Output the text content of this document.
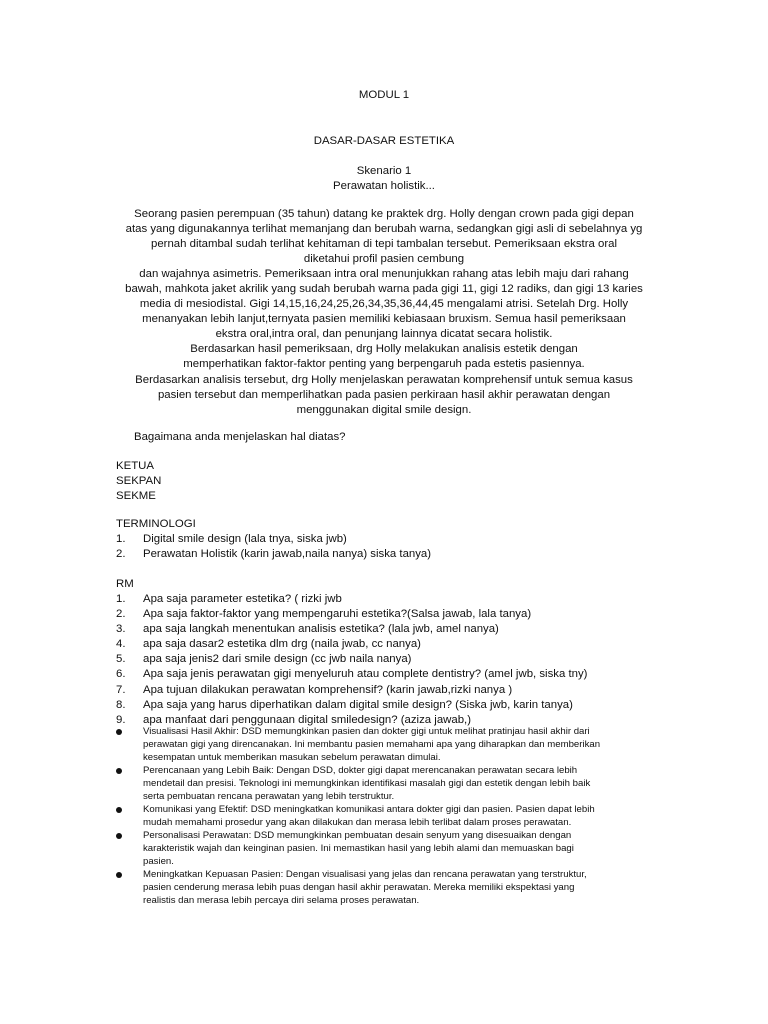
MODUL 1
DASAR-DASAR ESTETIKA
Skenario 1
Perawatan holistik...
Seorang pasien perempuan (35 tahun) datang ke praktek drg. Holly dengan crown pada gigi depan
atas yang digunakannya terlihat memanjang dan berubah warna, sedangkan gigi asli di sebelahnya yg
pernah ditambal sudah terlihat kehitaman di tepi tambalan tersebut. Pemeriksaan ekstra oral
diketahui profil pasien cembung
dan wajahnya asimetris. Pemeriksaan intra oral menunjukkan rahang atas lebih maju dari rahang
bawah, mahkota jaket akrilik yang sudah berubah warna pada gigi 11, gigi 12 radiks, dan gigi 13 karies
media di mesiodistal. Gigi 14,15,16,24,25,26,34,35,36,44,45 mengalami atrisi. Setelah Drg. Holly
menanyakan lebih lanjut,ternyata pasien memiliki kebiasaan bruxism. Semua hasil pemeriksaan
ekstra oral,intra oral, dan penunjang lainnya dicatat secara holistik.
Berdasarkan hasil pemeriksaan, drg Holly melakukan analisis estetik dengan
memperhatikan faktor-faktor penting yang berpengaruh pada estetis pasiennya.
Berdasarkan analisis tersebut, drg Holly menjelaskan perawatan komprehensif untuk semua kasus
pasien tersebut dan memperlihatkan pada pasien perkiraan hasil akhir perawatan dengan
menggunakan digital smile design.
Bagaimana anda menjelaskan hal diatas?
KETUA
SEKPAN
SEKME
TERMINOLOGI
1.	Digital smile design (lala tnya, siska jwb)
2.	Perawatan Holistik (karin jawab,naila nanya) siska tanya)
RM
1.	Apa saja parameter estetika? ( rizki jwb
2.	Apa saja faktor-faktor yang mempengaruhi estetika?(Salsa jawab, lala tanya)
3.	apa saja langkah menentukan analisis estetika? (lala jwb, amel nanya)
4.	apa saja dasar2 estetika dlm drg (naila jwab, cc nanya)
5.	apa saja jenis2 dari smile design (cc jwb naila nanya)
6.	Apa saja jenis perawatan gigi menyeluruh atau complete dentistry? (amel jwb, siska tny)
7.	Apa tujuan dilakukan perawatan komprehensif? (karin jawab,rizki nanya )
8.	Apa saja yang harus diperhatikan dalam digital smile design? (Siska jwb, karin tanya)
9.	apa manfaat dari penggunaan digital smiledesign? (aziza jawab,)
Visualisasi Hasil Akhir: DSD memungkinkan pasien dan dokter gigi untuk melihat pratinjau hasil akhir dari
perawatan gigi yang direncanakan. Ini membantu pasien memahami apa yang diharapkan dan memberikan
kesempatan untuk memberikan masukan sebelum perawatan dimulai.
Perencanaan yang Lebih Baik: Dengan DSD, dokter gigi dapat merencanakan perawatan secara lebih
mendetail dan presisi. Teknologi ini memungkinkan identifikasi masalah gigi dan estetik dengan lebih baik
serta pembuatan rencana perawatan yang lebih terstruktur.
Komunikasi yang Efektif: DSD meningkatkan komunikasi antara dokter gigi dan pasien. Pasien dapat lebih
mudah memahami prosedur yang akan dilakukan dan merasa lebih terlibat dalam proses perawatan.
Personalisasi Perawatan: DSD memungkinkan pembuatan desain senyum yang disesuaikan dengan
karakteristik wajah dan keinginan pasien. Ini memastikan hasil yang lebih alami dan memuaskan bagi
pasien.
Meningkatkan Kepuasan Pasien: Dengan visualisasi yang jelas dan rencana perawatan yang terstruktur,
pasien cenderung merasa lebih puas dengan hasil akhir perawatan. Mereka memiliki ekspektasi yang
realistis dan merasa lebih percaya diri selama proses perawatan.
